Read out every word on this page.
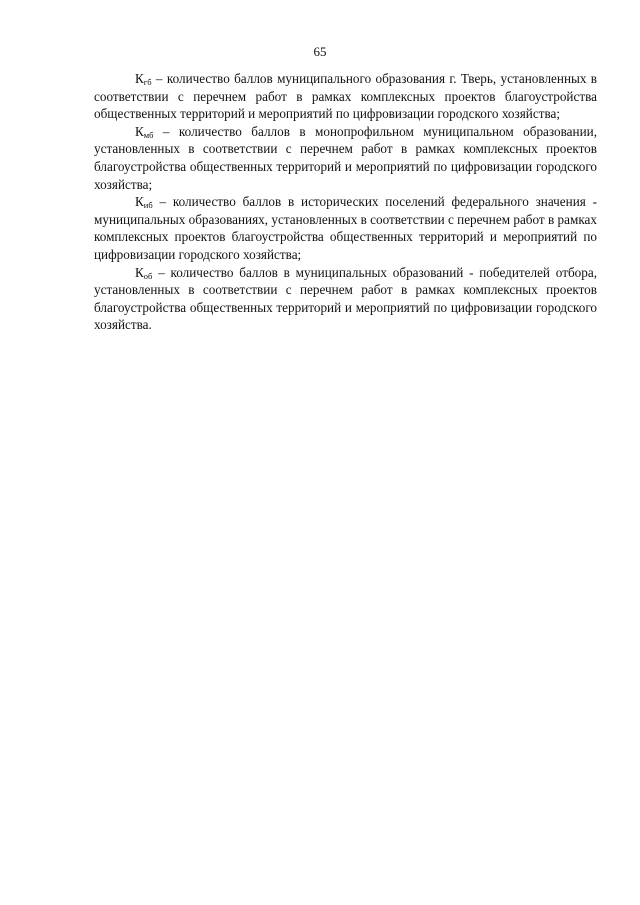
65

$К_{гб}$ – количество баллов муниципального образования г. Тверь, установленных в соответствии с перечнем работ в рамках комплексных проектов благоустройства общественных территорий и мероприятий по цифровизации городского хозяйства;

$К_{мб}$ – количество баллов в монопрофильном муниципальном образовании, установленных в соответствии с перечнем работ в рамках комплексных проектов благоустройства общественных территорий и мероприятий по цифровизации городского хозяйства;

$К_{иб}$ – количество баллов в исторических поселений федерального значения - муниципальных образованиях, установленных в соответствии с перечнем работ в рамках комплексных проектов благоустройства общественных территорий и мероприятий по цифровизации городского хозяйства;

$К_{об}$ – количество баллов в муниципальных образований - победителей отбора, установленных в соответствии с перечнем работ в рамках комплексных проектов благоустройства общественных территорий и мероприятий по цифровизации городского хозяйства.
